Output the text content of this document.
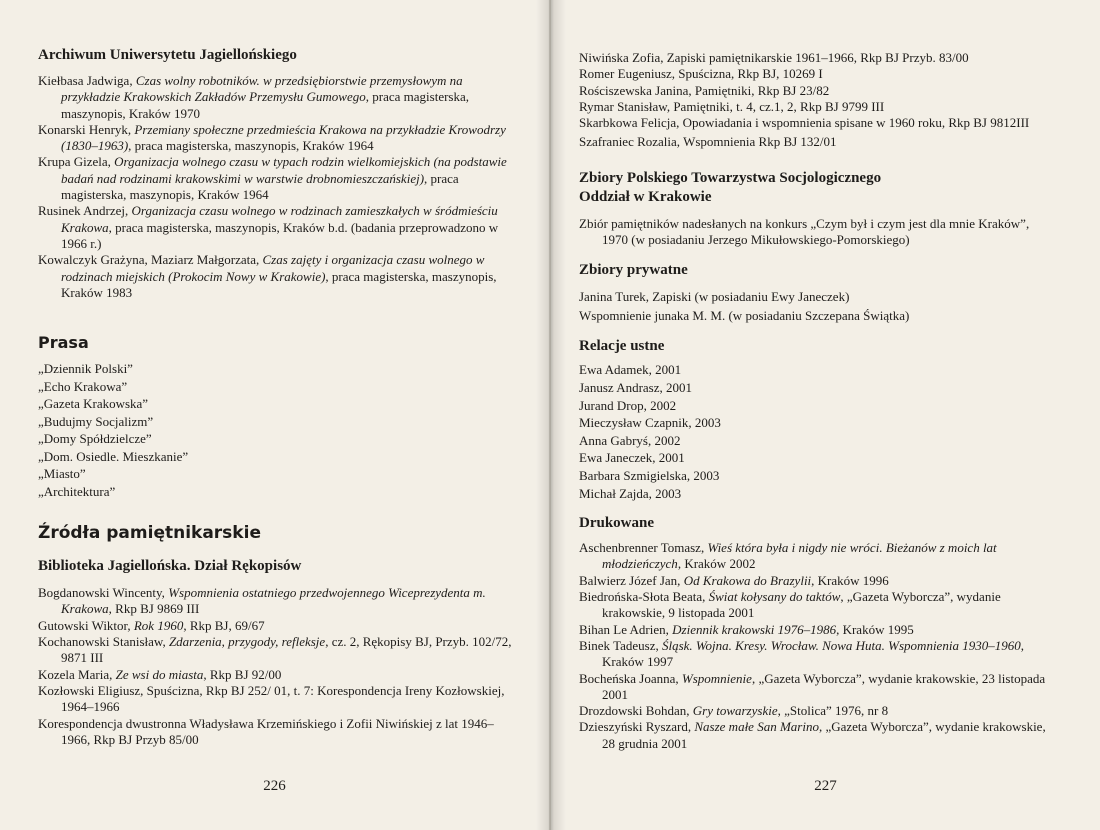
Archiwum Uniwersytetu Jagiellońskiego

Kiełbasa Jadwiga, Czas wolny robotników. w przedsiębiorstwie przemysłowym na przykładzie Krakowskich Zakładów Przemysłu Gumowego, praca magisterska, maszynopis, Kraków 1970

Konarski Henryk, Przemiany społeczne przedmieścia Krakowa na przykładzie Krowodrzy (1830–1963), praca magisterska, maszynopis, Kraków 1964

Krupa Gizela, Organizacja wolnego czasu w typach rodzin wielkomiejskich (na podstawie badań nad rodzinami krakowskimi w warstwie drobnomieszczańskiej), praca magisterska, maszynopis, Kraków 1964

Rusinek Andrzej, Organizacja czasu wolnego w rodzinach zamieszkałych w śródmieściu Krakowa, praca magisterska, maszynopis, Kraków b.d. (badania przeprowadzono w 1966 r.)

Kowalczyk Grażyna, Maziarz Małgorzata, Czas zajęty i organizacja czasu wolnego w rodzinach miejskich (Prokocim Nowy w Krakowie), praca magisterska, maszynopis, Kraków 1983

Prasa

„Dziennik Polski”

„Echo Krakowa”

„Gazeta Krakowska”

„Budujmy Socjalizm”

„Domy Spółdzielcze”

„Dom. Osiedle. Mieszkanie”

„Miasto”

„Architektura”

Źródła pamiętnikarskie
Biblioteka Jagiellońska. Dział Rękopisów

Bogdanowski Wincenty, Wspomnienia ostatniego przedwojennego Wiceprezydenta m. Krakowa, Rkp BJ 9869 III

Gutowski Wiktor, Rok 1960, Rkp BJ, 69/67

Kochanowski Stanisław, Zdarzenia, przygody, refleksje, cz. 2, Rękopisy BJ, Przyb. 102/72, 9871 III

Kozela Maria, Ze wsi do miasta, Rkp BJ 92/00

Kozłowski Eligiusz, Spuścizna, Rkp BJ 252/ 01, t. 7: Korespondencja Ireny Kozłowskiej, 1964–1966

Korespondencja dwustronna Władysława Krzemińskiego i Zofii Niwińskiej z lat 1946–1966, Rkp BJ Przyb 85/00

226

Niwińska Zofia, Zapiski pamiętnikarskie 1961–1966, Rkp BJ Przyb. 83/00

Romer Eugeniusz, Spuścizna, Rkp BJ, 10269 I

Rościszewska Janina, Pamiętniki, Rkp BJ 23/82

Rymar Stanisław, Pamiętniki, t. 4, cz.1, 2, Rkp BJ 9799 III

Skarbkowa Felicja, Opowiadania i wspomnienia spisane w 1960 roku, Rkp BJ 9812III

Szafraniec Rozalia, Wspomnienia Rkp BJ 132/01

Zbiory Polskiego Towarzystwa Socjologicznego
Oddział w Krakowie

Zbiór pamiętników nadesłanych na konkurs „Czym był i czym jest dla mnie Kraków”, 1970 (w posiadaniu Jerzego Mikułowskiego-Pomorskiego)

Zbiory prywatne

Janina Turek, Zapiski (w posiadaniu Ewy Janeczek)

Wspomnienie junaka M. M. (w posiadaniu Szczepana Świątka)

Relacje ustne

Ewa Adamek, 2001

Janusz Andrasz, 2001

Jurand Drop, 2002

Mieczysław Czapnik, 2003

Anna Gabryś, 2002

Ewa Janeczek, 2001

Barbara Szmigielska, 2003

Michał Zajda, 2003

Drukowane

Aschenbrenner Tomasz, Wieś która była i nigdy nie wróci. Bieżanów z moich lat młodzieńczych, Kraków 2002

Balwierz Józef Jan, Od Krakowa do Brazylii, Kraków 1996

Biedrońska-Słota Beata, Świat kołysany do taktów, „Gazeta Wyborcza”, wydanie krakowskie, 9 listopada 2001

Bihan Le Adrien, Dziennik krakowski 1976–1986, Kraków 1995

Binek Tadeusz, Śląsk. Wojna. Kresy. Wrocław. Nowa Huta. Wspomnienia 1930–1960, Kraków 1997

Bocheńska Joanna, Wspomnienie, „Gazeta Wyborcza”, wydanie krakowskie, 23 listopada 2001

Drozdowski Bohdan, Gry towarzyskie, „Stolica” 1976, nr 8

Dzieszyński Ryszard, Nasze małe San Marino, „Gazeta Wyborcza”, wydanie krakowskie, 28 grudnia 2001

227
